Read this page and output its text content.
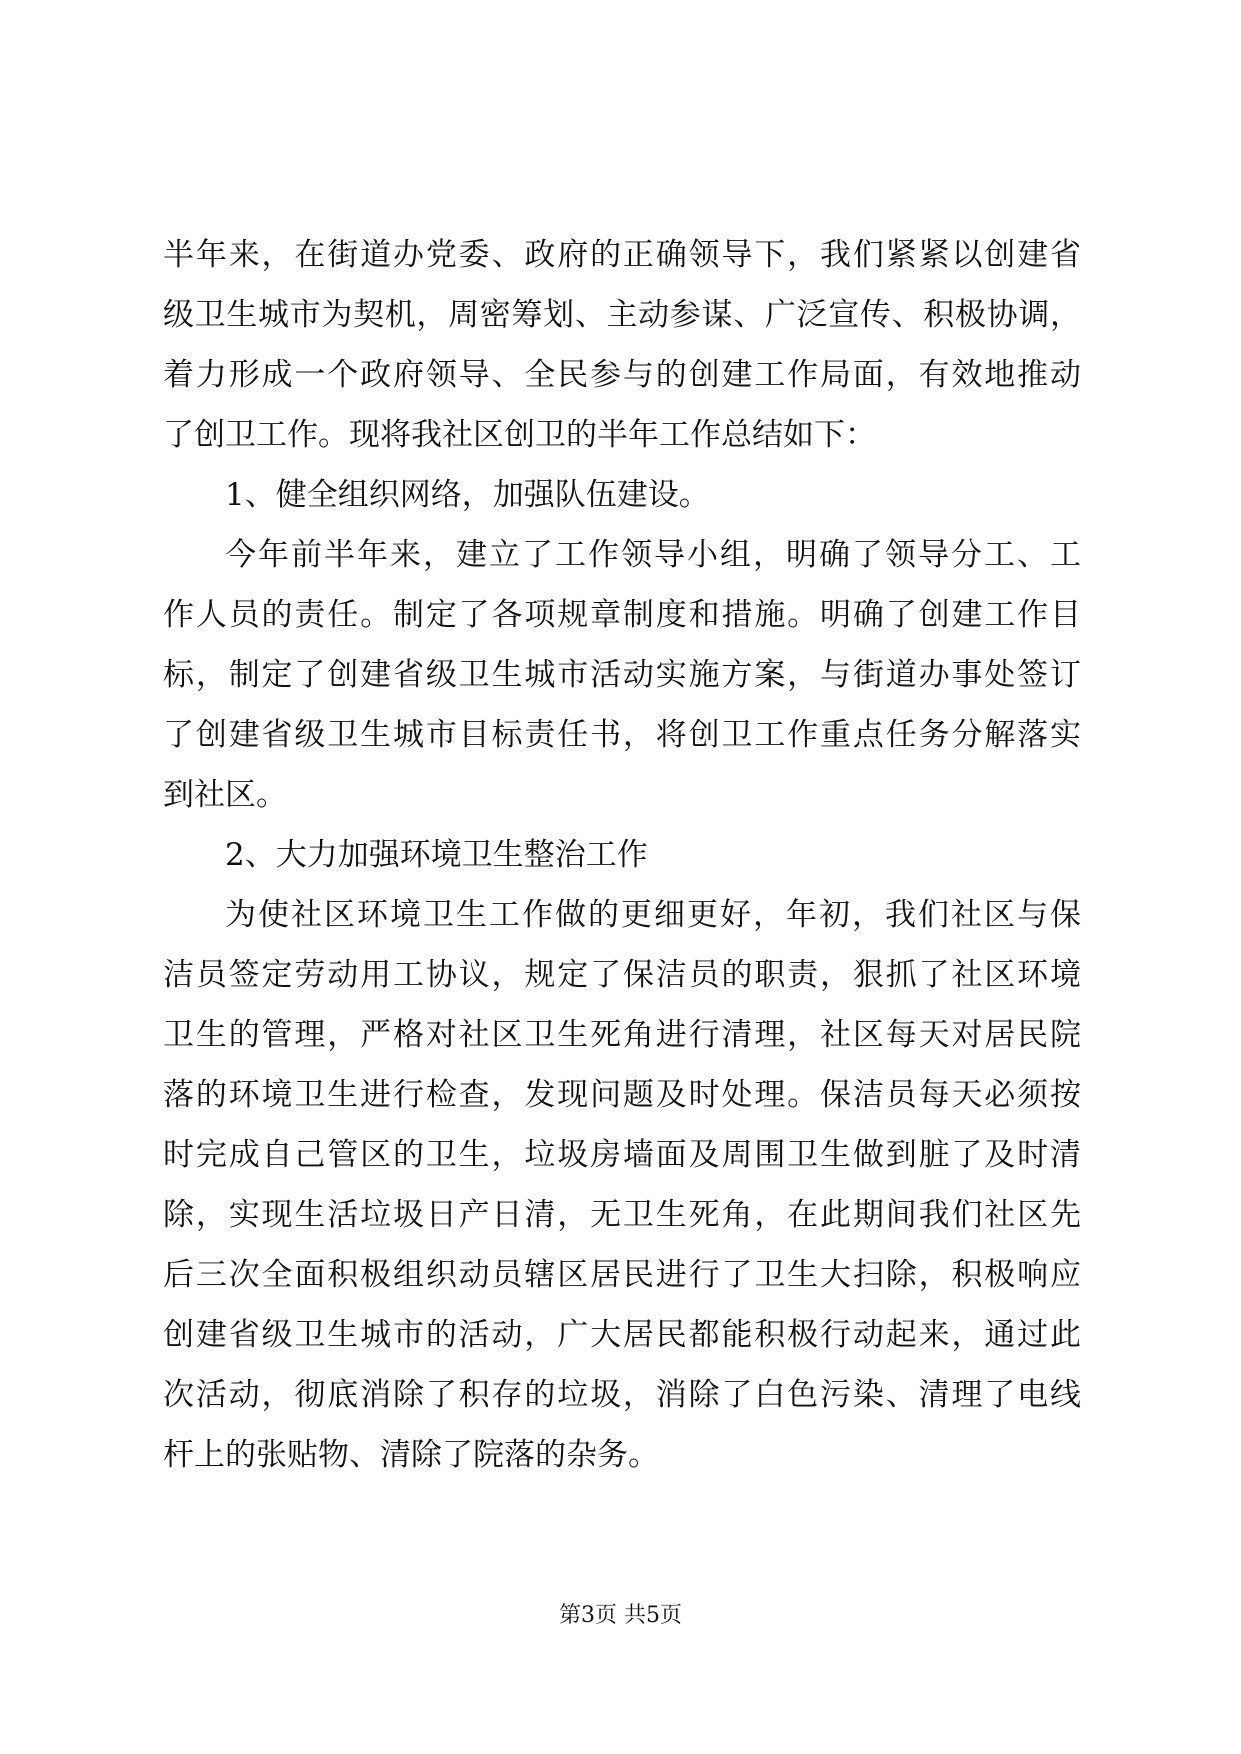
半年来，在街道办党委、政府的正确领导下，我们紧紧以创建省
级卫生城市为契机，周密筹划、主动参谋、广泛宣传、积极协调，
着力形成一个政府领导、全民参与的创建工作局面，有效地推动
了创卫工作。现将我社区创卫的半年工作总结如下：
1、健全组织网络，加强队伍建设。
今年前半年来，建立了工作领导小组，明确了领导分工、工
作人员的责任。制定了各项规章制度和措施。明确了创建工作目
标，制定了创建省级卫生城市活动实施方案，与街道办事处签订
了创建省级卫生城市目标责任书，将创卫工作重点任务分解落实
到社区。
2、大力加强环境卫生整治工作
为使社区环境卫生工作做的更细更好，年初，我们社区与保
洁员签定劳动用工协议，规定了保洁员的职责，狠抓了社区环境
卫生的管理，严格对社区卫生死角进行清理，社区每天对居民院
落的环境卫生进行检查，发现问题及时处理。保洁员每天必须按
时完成自己管区的卫生，垃圾房墙面及周围卫生做到脏了及时清
除，实现生活垃圾日产日清，无卫生死角，在此期间我们社区先
后三次全面积极组织动员辖区居民进行了卫生大扫除，积极响应
创建省级卫生城市的活动，广大居民都能积极行动起来，通过此
次活动，彻底消除了积存的垃圾，消除了白色污染、清理了电线
杆上的张贴物、清除了院落的杂务。
第3页 共5页
